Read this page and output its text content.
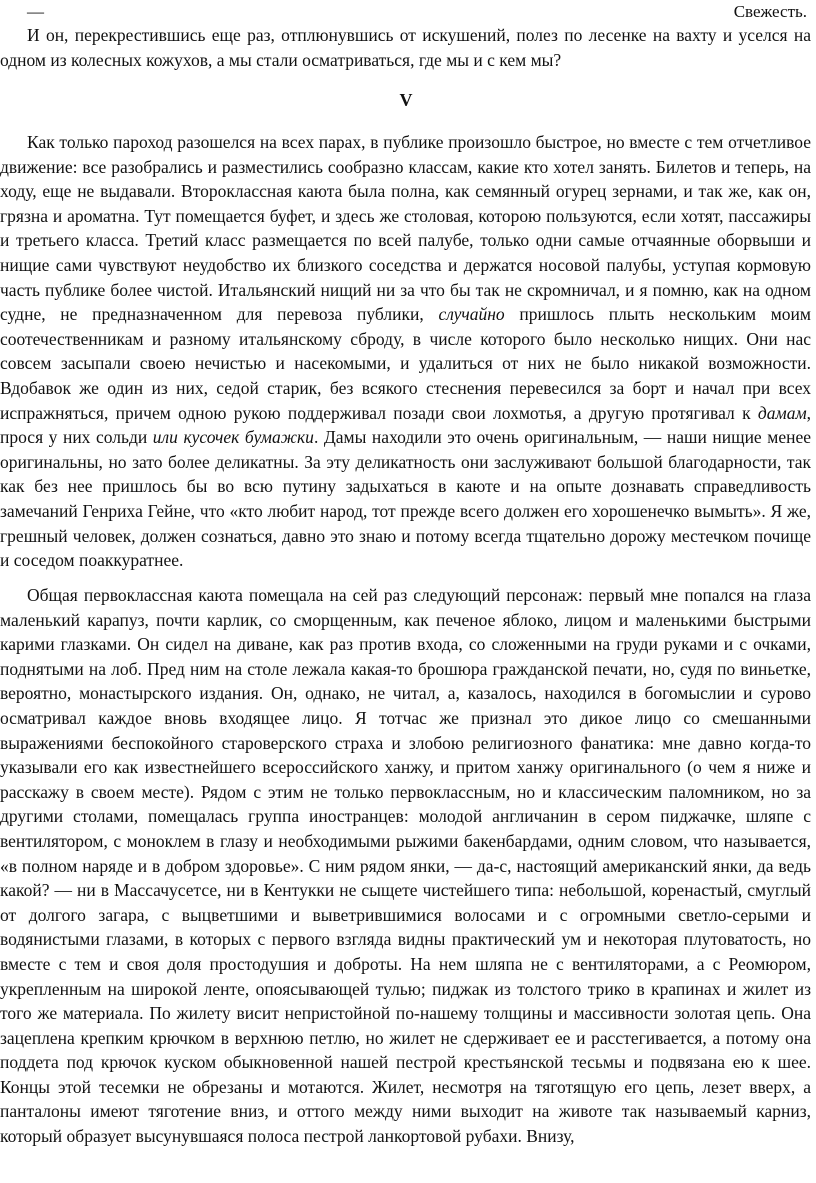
—	Свежесть.

И он, перекрестившись еще раз, отплюнувшись от искушений, полез по лесенке на вахту и уселся на одном из колесных кожухов, а мы стали осматриваться, где мы и с кем мы?

V

Как только пароход разошелся на всех парах, в публике произошло быстрое, но вместе с тем отчетливое движение: все разобрались и разместились сообразно классам, какие кто хотел занять. Билетов и теперь, на ходу, еще не выдавали. Второклассная каюта была полна, как семянный огурец зернами, и так же, как он, грязна и ароматна. Тут помещается буфет, и здесь же столовая, которою пользуются, если хотят, пассажиры и третьего класса. Третий класс размещается по всей палубе, только одни самые отчаянные оборвыши и нищие сами чувствуют неудобство их близкого соседства и держатся носовой палубы, уступая кормовую часть публике более чистой. Итальянский нищий ни за что бы так не скромничал, и я помню, как на одном судне, не предназначенном для перевоза публики, случайно пришлось плыть нескольким моим соотечественникам и разному итальянскому сброду, в числе которого было несколько нищих. Они нас совсем засыпали своею нечистью и насекомыми, и удалиться от них не было никакой возможности. Вдобавок же один из них, седой старик, без всякого стеснения перевесился за борт и начал при всех испражняться, причем одною рукою поддерживал позади свои лохмотья, а другую протягивал к дамам, прося у них сольди или кусочек бумажки. Дамы находили это очень оригинальным, — наши нищие менее оригинальны, но зато более деликатны. За эту деликатность они заслуживают большой благодарности, так как без нее пришлось бы во всю путину задыхаться в каюте и на опыте дознавать справедливость замечаний Генриха Гейне, что «кто любит народ, тот прежде всего должен его хорошенечко вымыть». Я же, грешный человек, должен сознаться, давно это знаю и потому всегда тщательно дорожу местечком почище и соседом поаккуратнее.

Общая первоклассная каюта помещала на сей раз следующий персонаж: первый мне попался на глаза маленький карапуз, почти карлик, со сморщенным, как печеное яблоко, лицом и маленькими быстрыми карими глазками. Он сидел на диване, как раз против входа, со сложенными на груди руками и с очками, поднятыми на лоб. Пред ним на столе лежала какая-то брошюра гражданской печати, но, судя по виньетке, вероятно, монастырского издания. Он, однако, не читал, а, казалось, находился в богомыслии и сурово осматривал каждое вновь входящее лицо. Я тотчас же признал это дикое лицо со смешанными выражениями беспокойного староверского страха и злобою религиозного фанатика: мне давно когда-то указывали его как известнейшего всероссийского ханжу, и притом ханжу оригинального (о чем я ниже и расскажу в своем месте). Рядом с этим не только первоклассным, но и классическим паломником, но за другими столами, помещалась группа иностранцев: молодой англичанин в сером пиджачке, шляпе с вентилятором, с моноклем в глазу и необходимыми рыжими бакенбардами, одним словом, что называется, «в полном наряде и в добром здоровье». С ним рядом янки, — да-с, настоящий американский янки, да ведь какой? — ни в Массачусетсе, ни в Кентукки не сыщете чистейшего типа: небольшой, коренастый, смуглый от долгого загара, с выцветшими и выветрившимися волосами и с огромными светло-серыми и водянистыми глазами, в которых с первого взгляда видны практический ум и некоторая плутоватость, но вместе с тем и своя доля простодушия и доброты. На нем шляпа не с вентиляторами, а с Реомюром, укрепленным на широкой ленте, опоясывающей тулью; пиджак из толстого трико в крапинах и жилет из того же материала. По жилету висит непристойной по-нашему толщины и массивности золотая цепь. Она зацеплена крепким крючком в верхнюю петлю, но жилет не сдерживает ее и расстегивается, а потому она поддета под крючок куском обыкновенной нашей пестрой крестьянской тесьмы и подвязана ею к шее. Концы этой тесемки не обрезаны и мотаются. Жилет, несмотря на тяготящую его цепь, лезет вверх, а панталоны имеют тяготение вниз, и оттого между ними выходит на животе так называемый карниз, который образует высунувшаяся полоса пестрой ланкортовой рубахи. Внизу,
